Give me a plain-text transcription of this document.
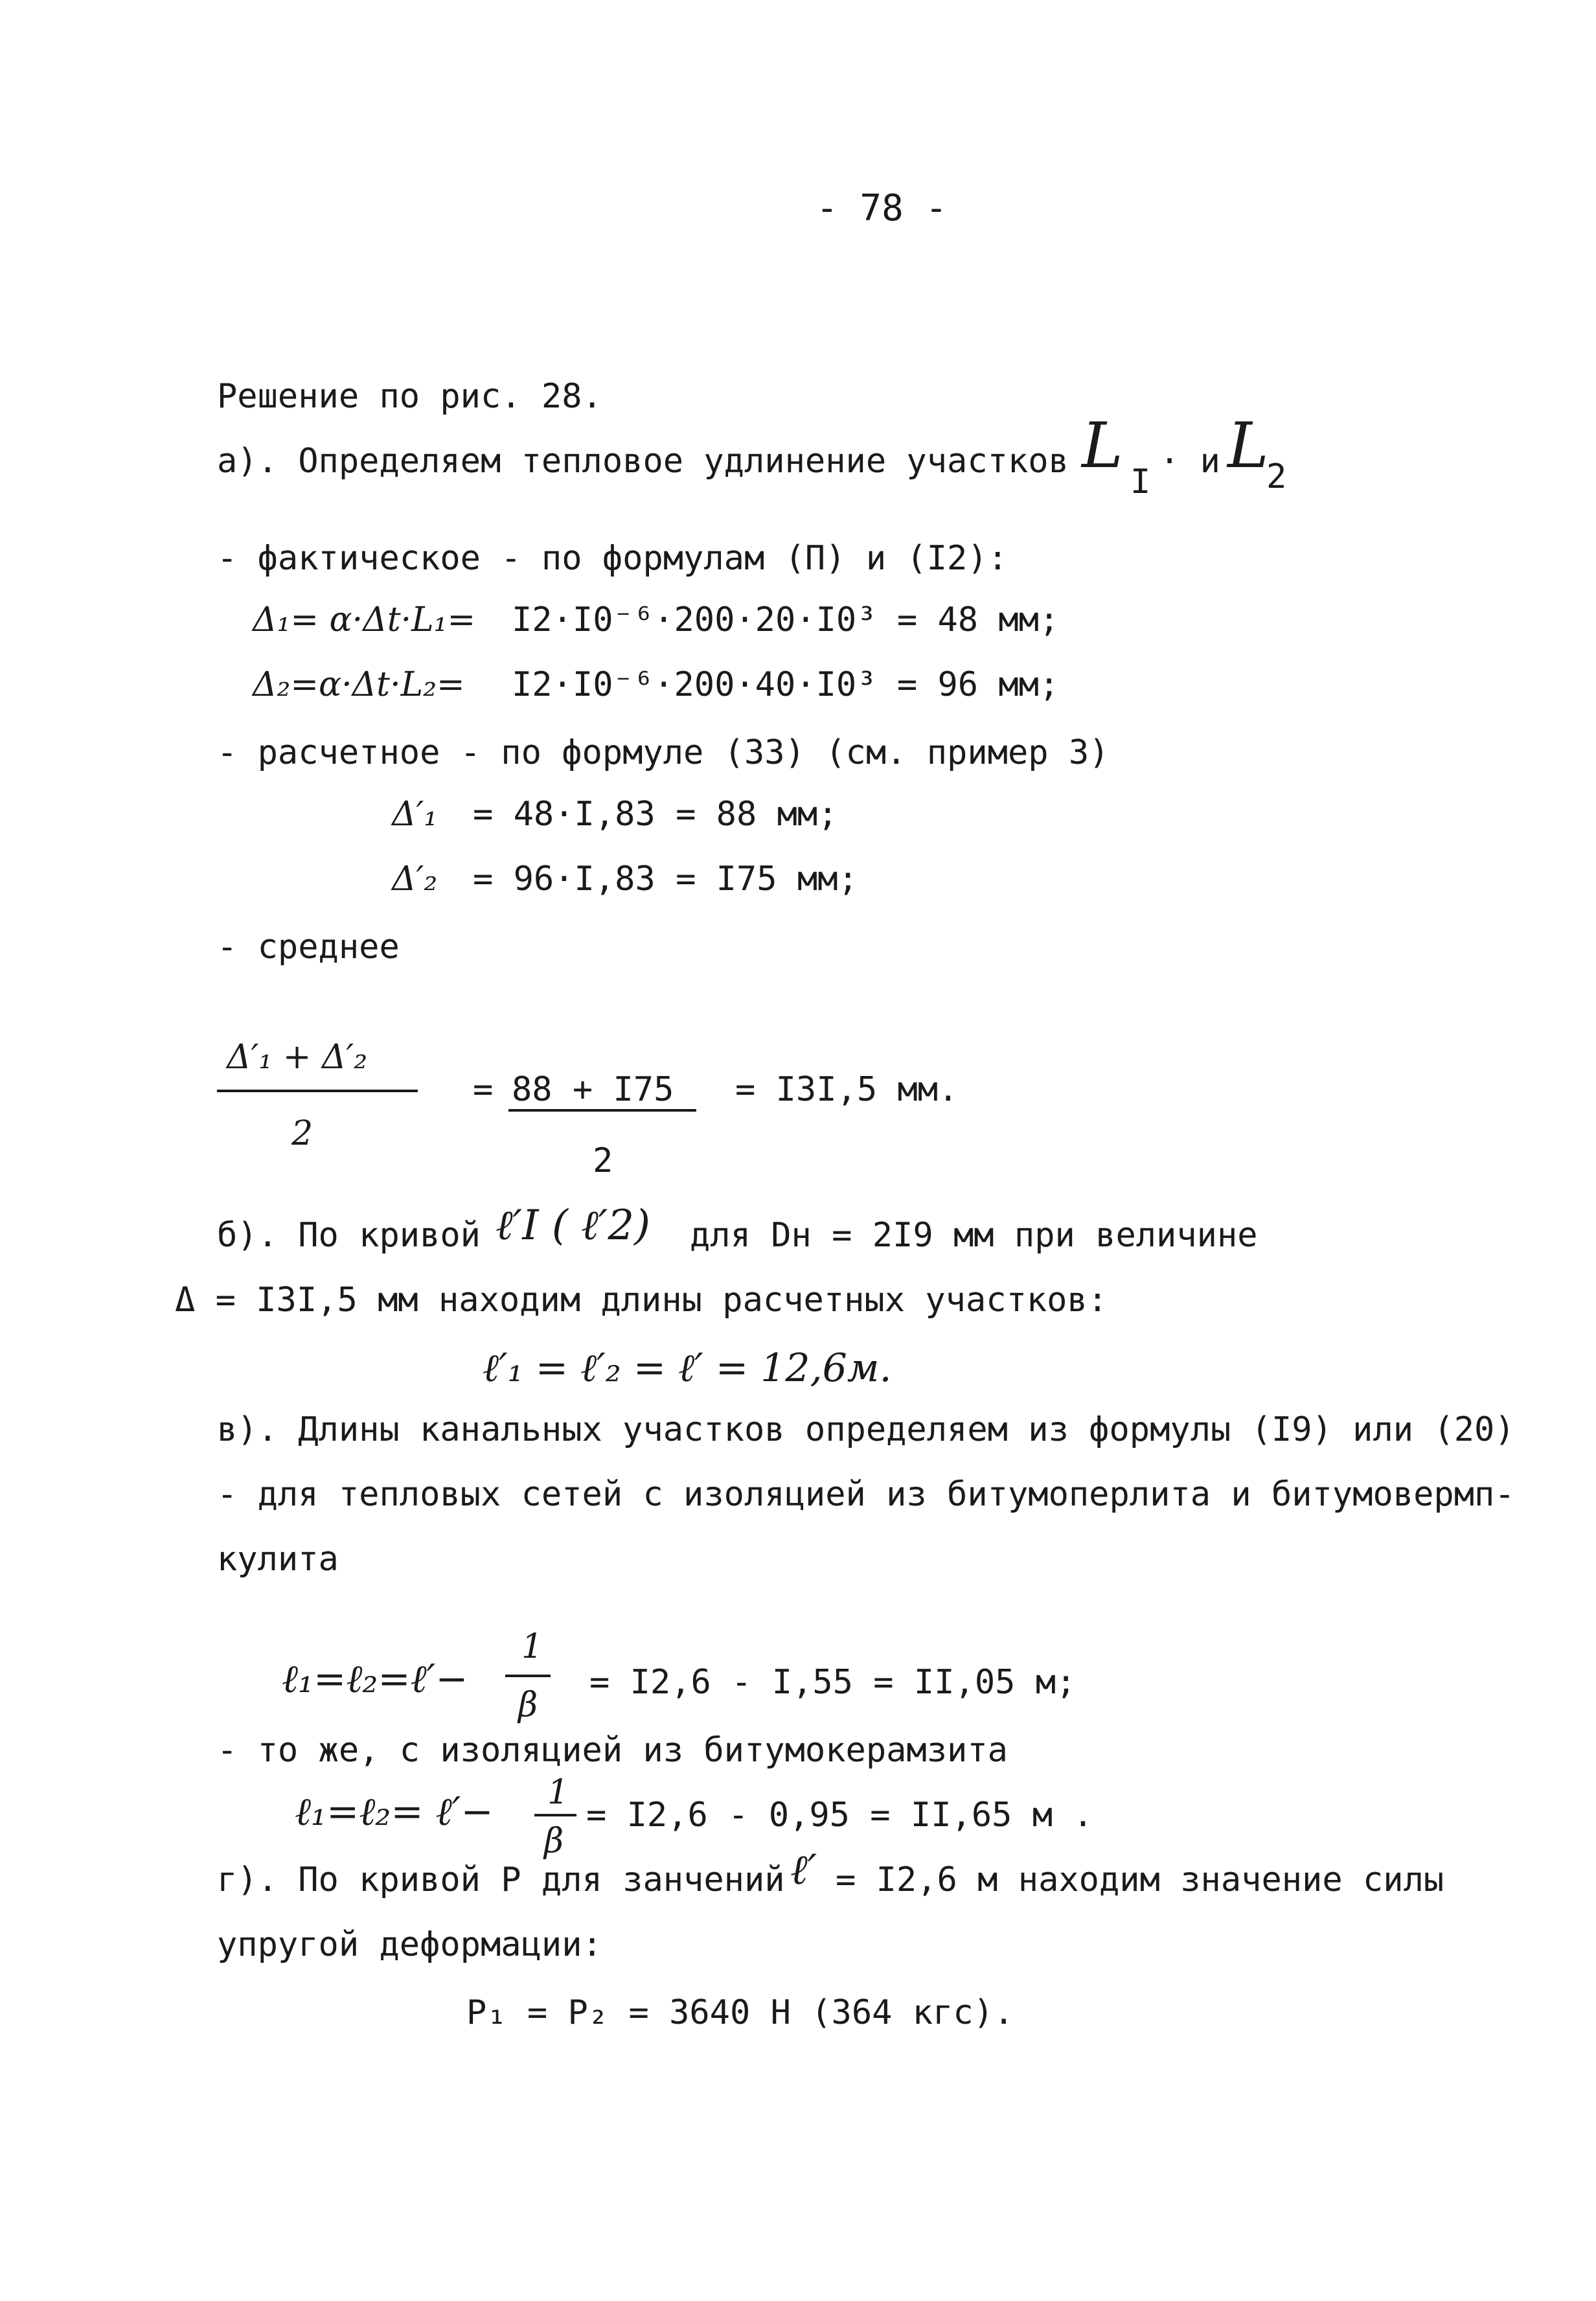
- 78 -
Решение по рис. 28.
а). Определяем тепловое удлинение участков L I
· и L
2
- фактическое - по формулам (П) и (I2):
Δ₁= α·Δt·L₁= I2·I0⁻⁶·200·20·I0³ = 48 мм;
Δ₂=α·Δt·L₂= I2·I0⁻⁶·200·40·I0³ = 96 мм;
- расчетное - по формуле (33) (см. пример 3)
Δ′₁ = 48·I,83 = 88 мм;
Δ′₂ = 96·I,83 = I75 мм;
- среднее
Δ′₁ + Δ′₂
2
= 88 + I75
2
= I3I,5 мм.
б). По кривой ℓ′I ( ℓ′2) для Dн = 2I9 мм при величине
Δ = I3I,5 мм находим длины расчетных участков:
ℓ′₁ = ℓ′₂ = ℓ′ = 12,6м.
в). Длины канальных участков определяем из формулы (I9) или (20)
- для тепловых сетей с изоляцией из битумоперлита и битумовермп-
кулита
ℓ₁=ℓ₂=ℓ′−
1
β
= I2,6 - I,55 = II,05 м;
- то же, с изоляцией из битумокерамзита
ℓ₁=ℓ₂= ℓ′− 1
β
= I2,6 - 0,95 = II,65 м .
г). По кривой P для занчений ℓ′ = I2,6 м находим значение силы
упругой деформации:
P₁ = P₂ = 3640 Н (364 кгс).
